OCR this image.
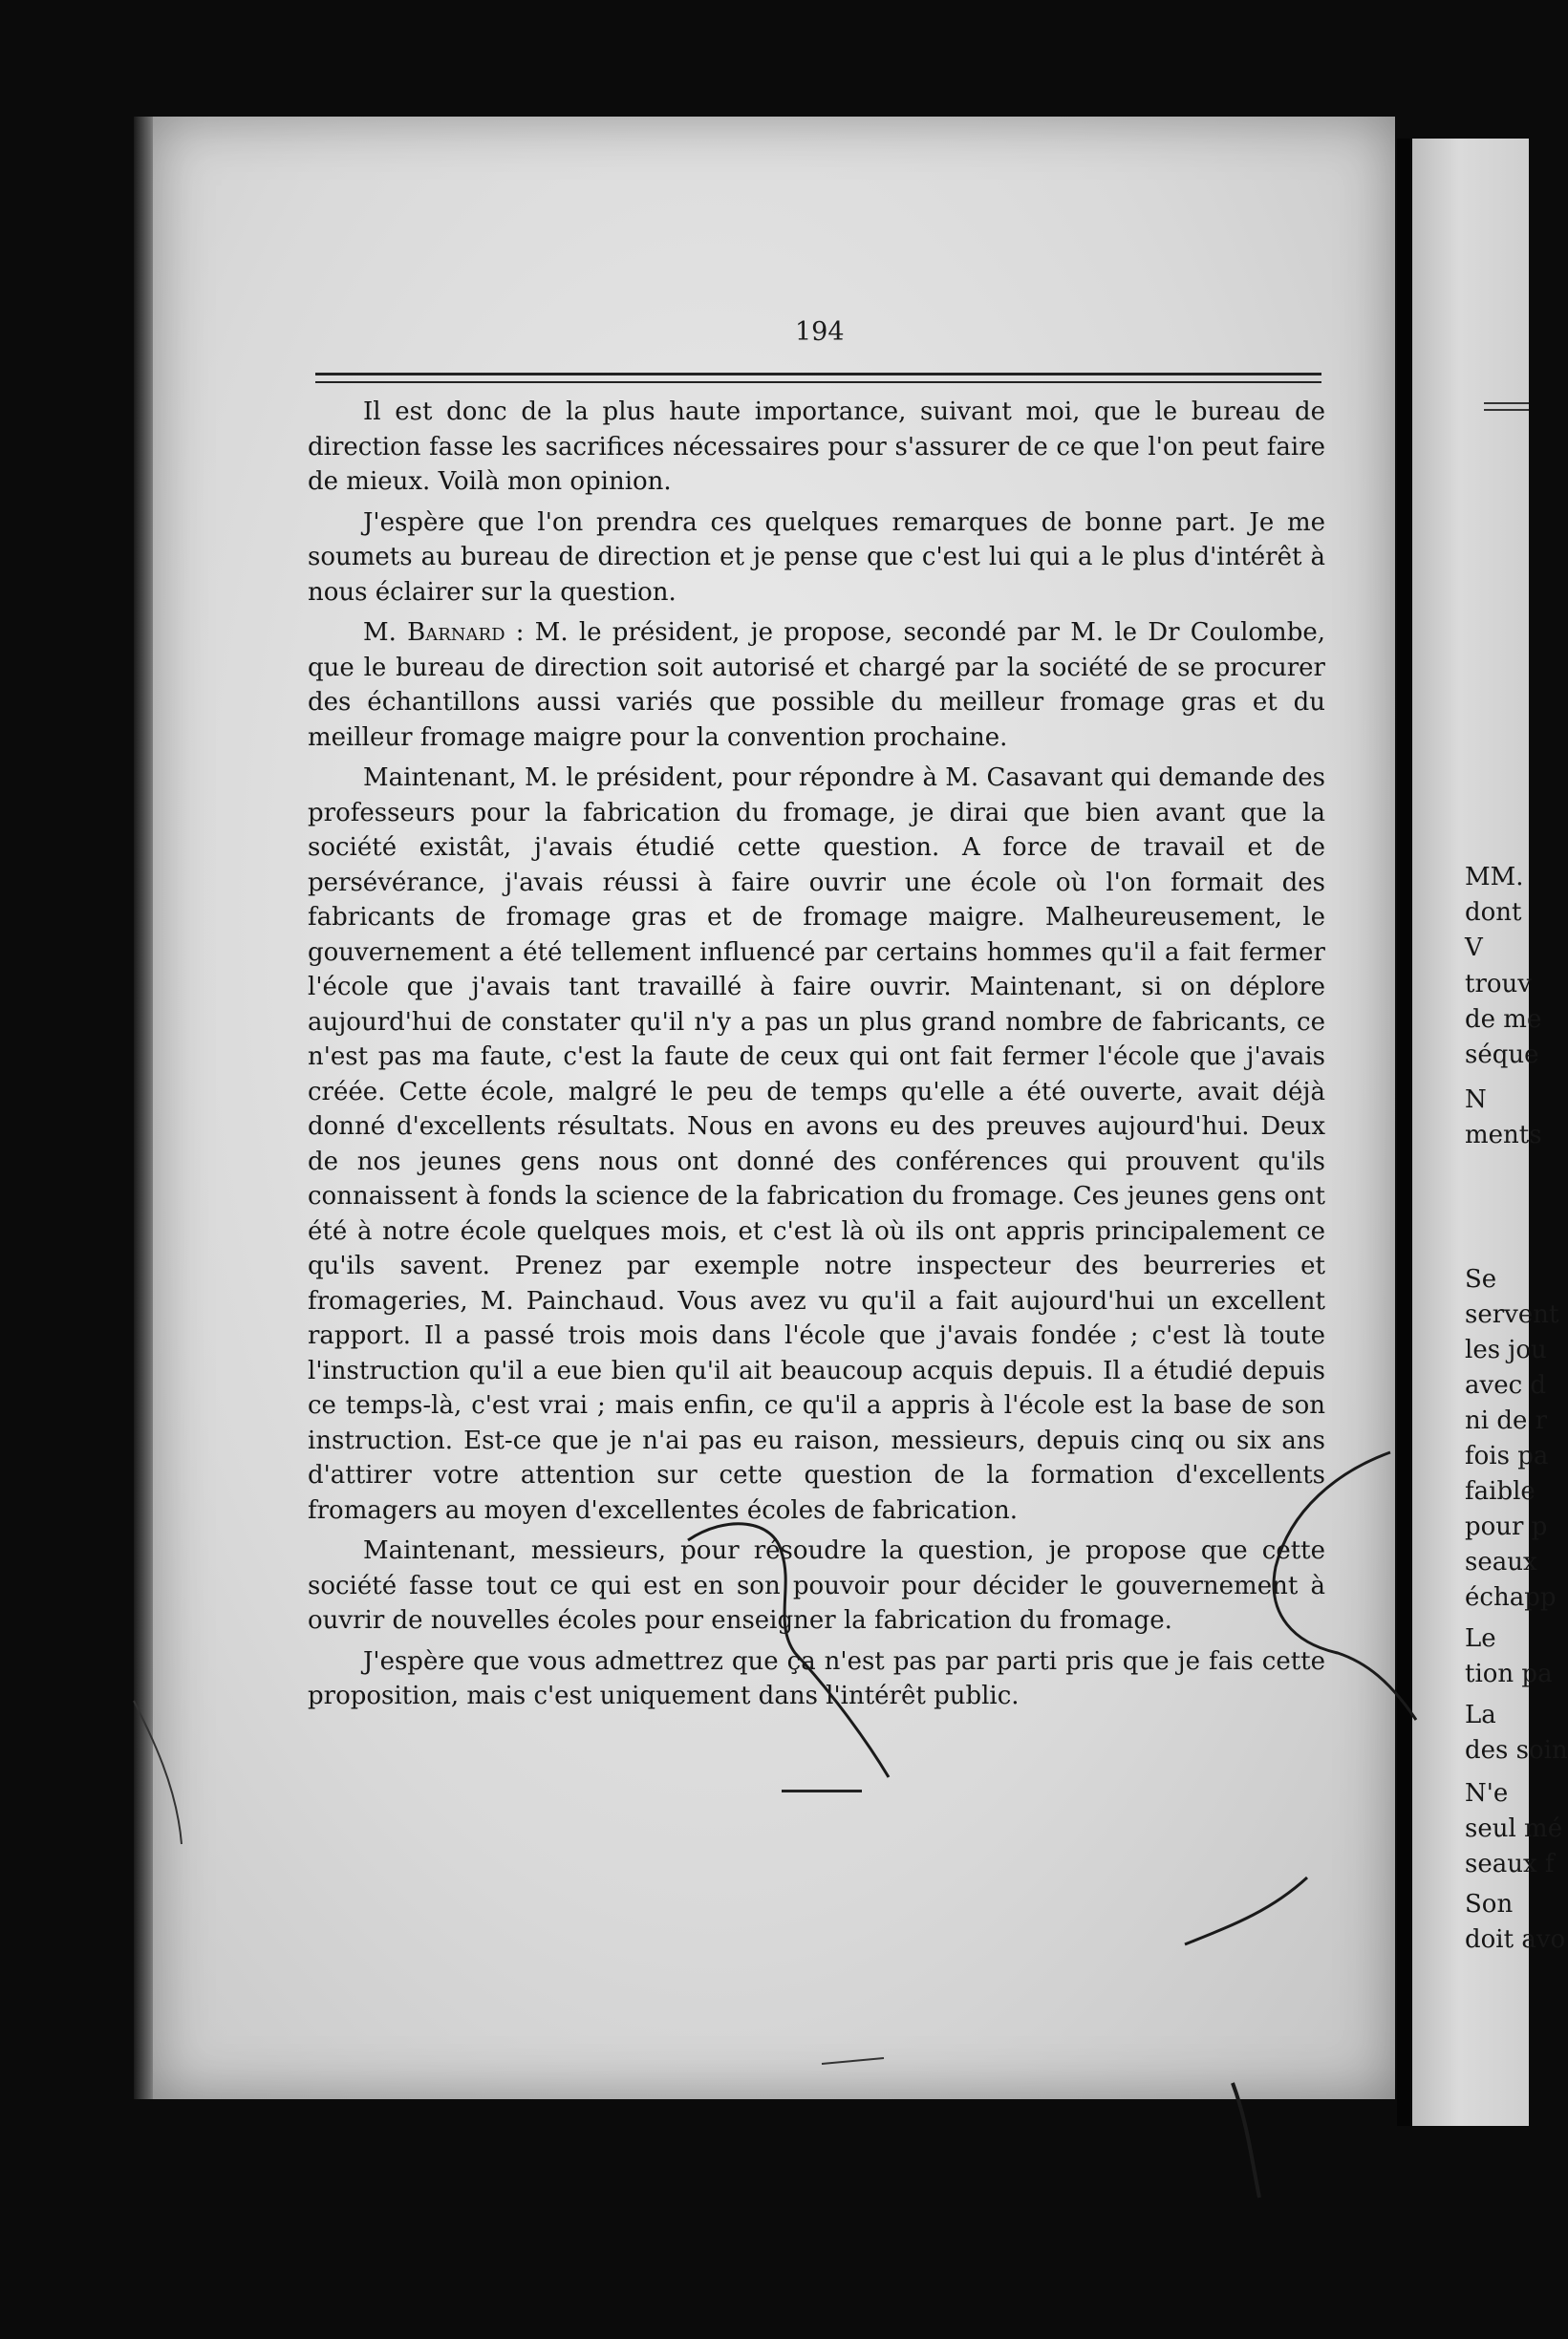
194

Il est donc de la plus haute importance, suivant moi, que le bureau de direction fasse les sacrifices nécessaires pour s'assurer de ce que l'on peut faire de mieux. Voilà mon opinion.

J'espère que l'on prendra ces quelques remarques de bonne part. Je me soumets au bureau de direction et je pense que c'est lui qui a le plus d'intérêt à nous éclairer sur la question.

M. Barnard : M. le président, je propose, secondé par M. le Dr Coulombe, que le bureau de direction soit autorisé et chargé par la société de se procurer des échantillons aussi variés que possible du meilleur fromage gras et du meilleur fromage maigre pour la convention prochaine.

Maintenant, M. le président, pour répondre à M. Casavant qui demande des professeurs pour la fabrication du fromage, je dirai que bien avant que la société existât, j'avais étudié cette question. A force de travail et de persévérance, j'avais réussi à faire ouvrir une école où l'on formait des fabricants de fromage gras et de fromage maigre. Malheureusement, le gouvernement a été tellement influencé par certains hommes qu'il a fait fermer l'école que j'avais tant travaillé à faire ouvrir. Maintenant, si on déplore aujourd'hui de constater qu'il n'y a pas un plus grand nombre de fabricants, ce n'est pas ma faute, c'est la faute de ceux qui ont fait fermer l'école que j'avais créée. Cette école, malgré le peu de temps qu'elle a été ouverte, avait déjà donné d'excellents résultats. Nous en avons eu des preuves aujourd'hui. Deux de nos jeunes gens nous ont donné des conférences qui prouvent qu'ils connaissent à fonds la science de la fabrication du fromage. Ces jeunes gens ont été à notre école quelques mois, et c'est là où ils ont appris principalement ce qu'ils savent. Prenez par exemple notre inspecteur des beurreries et fromageries, M. Painchaud. Vous avez vu qu'il a fait aujourd'hui un excellent rapport. Il a passé trois mois dans l'école que j'avais fondée ; c'est là toute l'instruction qu'il a eue bien qu'il ait beaucoup acquis depuis. Il a étudié depuis ce temps-là, c'est vrai ; mais enfin, ce qu'il a appris à l'école est la base de son instruction. Est-ce que je n'ai pas eu raison, messieurs, depuis cinq ou six ans d'attirer votre attention sur cette question de la formation d'excellents fromagers au moyen d'excellentes écoles de fabrication.

Maintenant, messieurs, pour résoudre la question, je propose que cette société fasse tout ce qui est en son pouvoir pour décider le gouvernement à ouvrir de nouvelles écoles pour enseigner la fabrication du fromage.

J'espère que vous admettrez que ça n'est pas par parti pris que je fais cette proposition, mais c'est uniquement dans l'intérêt public.

MM.
dont
V
trouv
de me
séque
N
ments
Se
servent
les jou
avec d
ni de r
fois pa
faible
pour p
seaux
échapp
Le
tion pa
La
des soin
N'e
seul mé
seaux f
Son
doit avo
